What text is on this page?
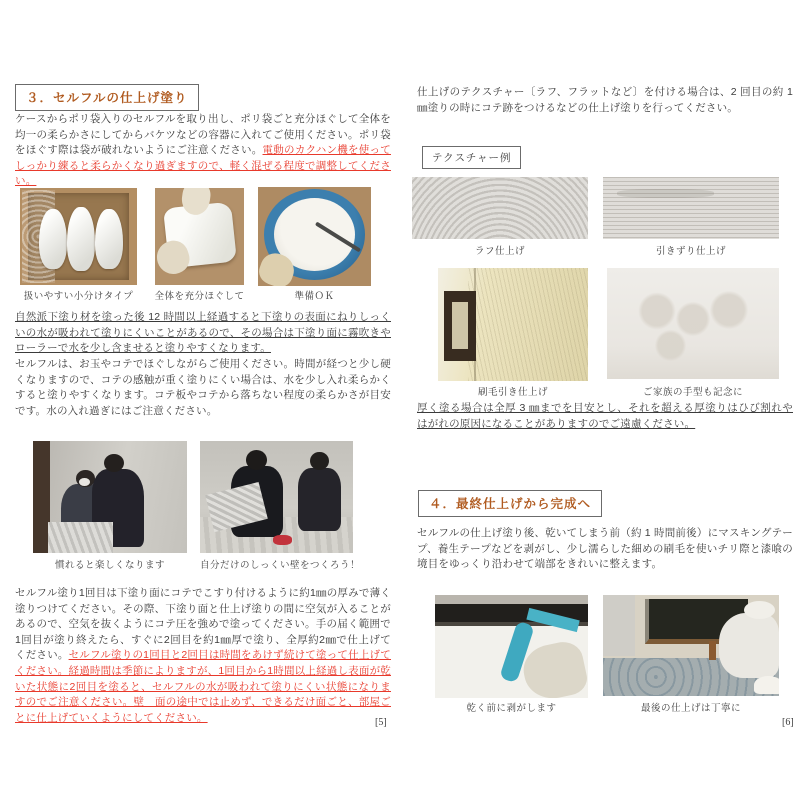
３．セルフルの仕上げ塗り

ケースからポリ袋入りのセルフルを取り出し、ポリ袋ごと充分ほぐして全体を均一の柔らかさにしてからバケツなどの容器に入れてご使用ください。ポリ袋をほぐす際は袋が破れないようにご注意ください。電動のカクハン機を使ってしっかり練ると柔らかくなり過ぎますので、軽く混ぜる程度で調整してください。

扱いやすい小分けタイプ	全体を充分ほぐして	準備ＯＫ

自然派下塗り材を塗った後 12 時間以上経過すると下塗りの表面にねりしっくいの水が吸われて塗りにくいことがあるので、その場合は下塗り面に霧吹きやローラーで水を少し含ませると塗りやすくなります。

セルフルは、お玉やコテでほぐしながらご使用ください。時間が経つと少し硬くなりますので、コテの感触が重く塗りにくい場合は、水を少し入れ柔らかくすると塗りやすくなります。コテ板やコテから落ちない程度の柔らかさが目安です。水の入れ過ぎにはご注意ください。

慣れると楽しくなります	自分だけのしっくい壁をつくろう！

セルフル塗り1回目は下塗り面にコテでこすり付けるように約1㎜の厚みで薄く塗りつけてください。その際、下塗り面と仕上げ塗りの間に空気が入ることがあるので、空気を抜くようにコテ圧を強めで塗ってください。手の届く範囲で1回目が塗り終えたら、すぐに2回目を約1㎜厚で塗り、全厚約2㎜で仕上げてください。セルフル塗りの1回目と2回目は時間をあけず続けて塗って仕上げてください。経過時間は季節によりますが、1回目から1時間以上経過し表面が乾いた状態に2回目を塗ると、セルフルの水が吸われて塗りにくい状態になりますのでご注意ください。壁　面の途中では止めず、できるだけ面ごと、部屋ごとに仕上げていくようにしてください。	[5]

仕上げのテクスチャー〔ラフ、フラットなど〕を付ける場合は、2 回目の約 1 ㎜塗りの時にコテ跡をつけるなどの仕上げ塗りを行ってください。

テクスチャー例
ラフ仕上げ	引きずり仕上げ
刷毛引き仕上げ	ご家族の手型も記念に

厚く塗る場合は全厚 3 ㎜までを目安とし、それを超える厚塗りはひび割れやはがれの原因になることがありますのでご遠慮ください。

４．最終仕上げから完成へ

セルフルの仕上げ塗り後、乾いてしまう前（約 1 時間前後）にマスキングテープ、養生テープなどを剥がし、少し濡らした細めの刷毛を使いチリ際と漆喰の境目をゆっくり沿わせて端部をきれいに整えます。

乾く前に剥がします	最後の仕上げは丁寧に
[6]
